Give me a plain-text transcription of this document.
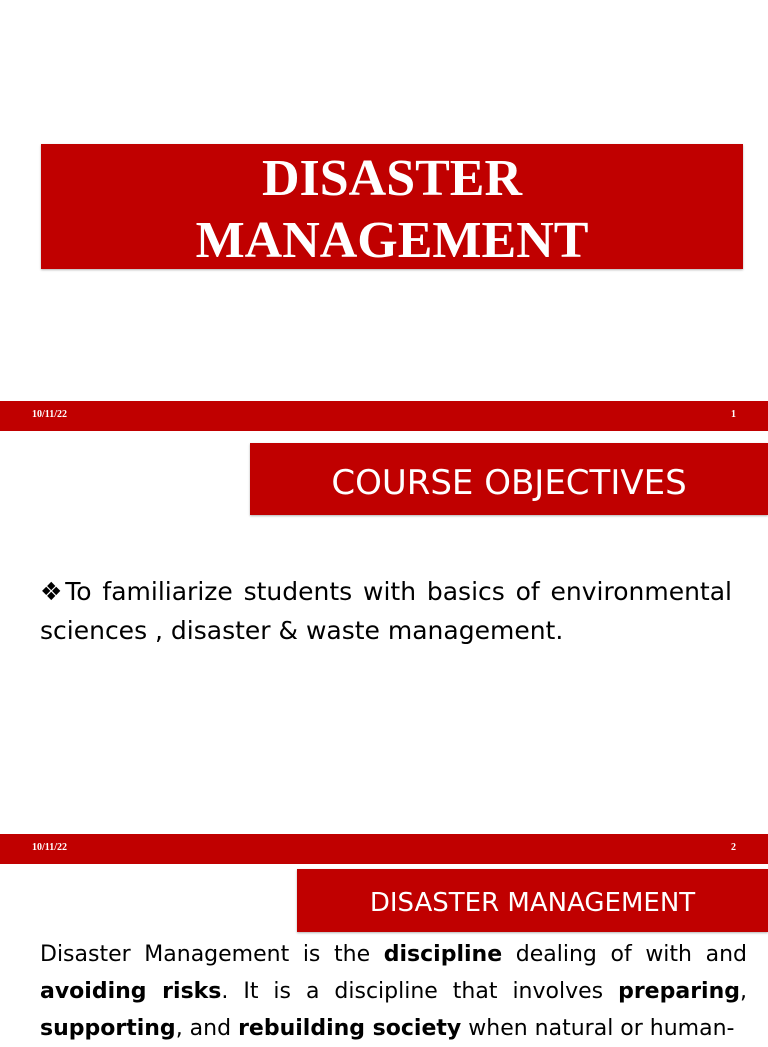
DISASTER
MANAGEMENT
10/11/22	1
COURSE OBJECTIVES
❖To familiarize students with basics of environmental sciences , disaster & waste management.
10/11/22	2
DISASTER MANAGEMENT
Disaster Management is the discipline dealing of with and avoiding risks. It is a discipline that involves preparing, supporting, and rebuilding society when natural or human-
